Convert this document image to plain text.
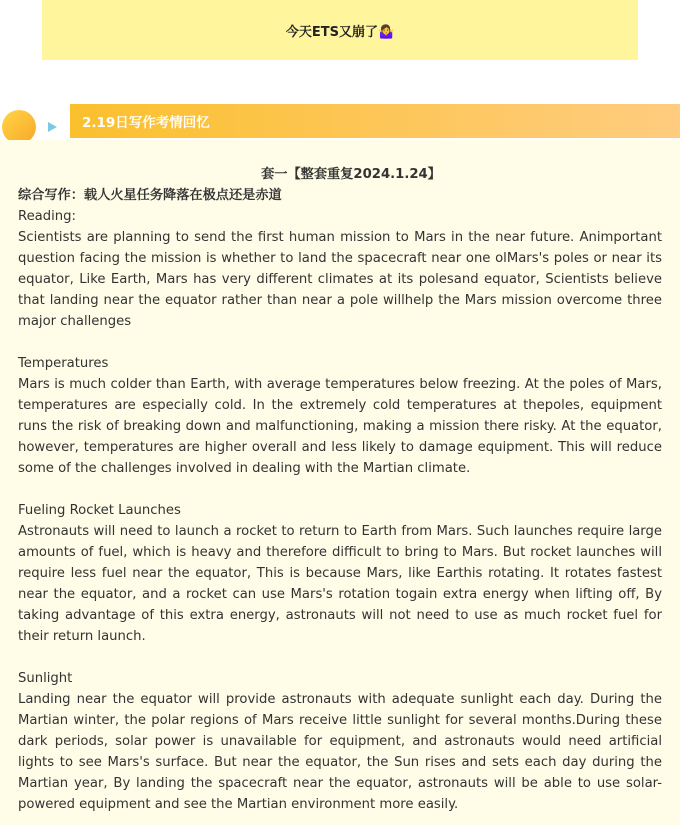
今天ETS又崩了🤷‍♀️
2.19日写作考情回忆

套一【整套重复2024.1.24】

综合写作：载人火星任务降落在极点还是赤道

Reading:

Scientists are planning to send the first human mission to Mars in the near future. Animportant question facing the mission is whether to land the spacecraft near one olMars's poles or near its equator, Like Earth, Mars has very different climates at its polesand equator, Scientists believe that landing near the equator rather than near a pole willhelp the Mars mission overcome three major challenges

Temperatures

Mars is much colder than Earth, with average temperatures below freezing. At the poles of Mars, temperatures are especially cold. In the extremely cold temperatures at thepoles, equipment runs the risk of breaking down and malfunctioning, making a mission there risky. At the equator, however, temperatures are higher overall and less likely to damage equipment. This will reduce some of the challenges involved in dealing with the Martian climate.

Fueling Rocket Launches

Astronauts will need to launch a rocket to return to Earth from Mars. Such launches require large amounts of fuel, which is heavy and therefore difficult to bring to Mars. But rocket launches will require less fuel near the equator, This is because Mars, like Earthis rotating. It rotates fastest near the equator, and a rocket can use Mars's rotation togain extra energy when lifting off, By taking advantage of this extra energy, astronauts will not need to use as much rocket fuel for their return launch.

Sunlight

Landing near the equator will provide astronauts with adequate sunlight each day. During the Martian winter, the polar regions of Mars receive little sunlight for several months.During these dark periods, solar power is unavailable for equipment, and astronauts would need artificial lights to see Mars's surface. But near the equator, the Sun rises and sets each day during the Martian year, By landing the spacecraft near the equator, astronauts will be able to use solar-powered equipment and see the Martian environment more easily.
